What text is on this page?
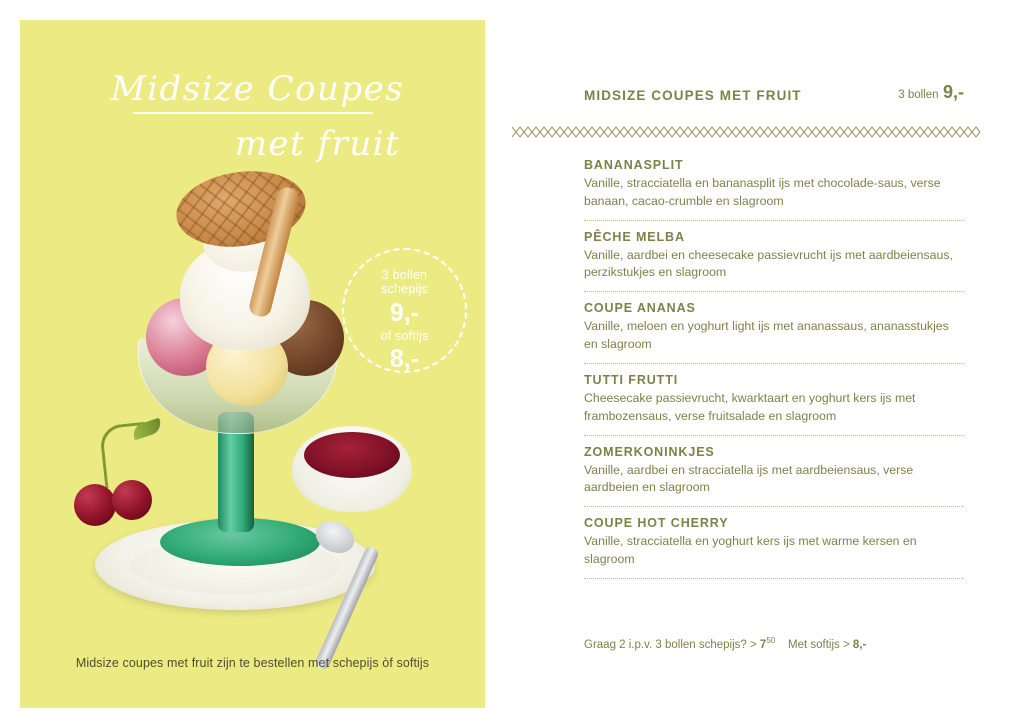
Midsize Coupes
met fruit
3 bollen
schepijs
9,-
of softijs
8,-
Midsize coupes met fruit zijn te bestellen met schepijs òf softijs
MIDSIZE COUPES MET FRUIT	3 bollen 9,-
BANANASPLIT
Vanille, stracciatella en bananasplit ijs met chocolade-saus, verse banaan, cacao-crumble en slagroom
PÊCHE MELBA
Vanille, aardbei en cheesecake passievrucht ijs met aardbeiensaus, perzikstukjes en slagroom
COUPE ANANAS
Vanille, meloen en yoghurt light ijs met ananassaus, ananasstukjes en slagroom
TUTTI FRUTTI
Cheesecake passievrucht, kwarktaart en yoghurt kers ijs met frambozensaus, verse fruitsalade en slagroom
ZOMERKONINKJES
Vanille, aardbei en stracciatella ijs met aardbeiensaus, verse aardbeien en slagroom
COUPE HOT CHERRY
Vanille, stracciatella en yoghurt kers ijs met warme kersen en slagroom
Graag 2 i.p.v. 3 bollen schepijs? > $7^{50}$ Met softijs > 8,-
